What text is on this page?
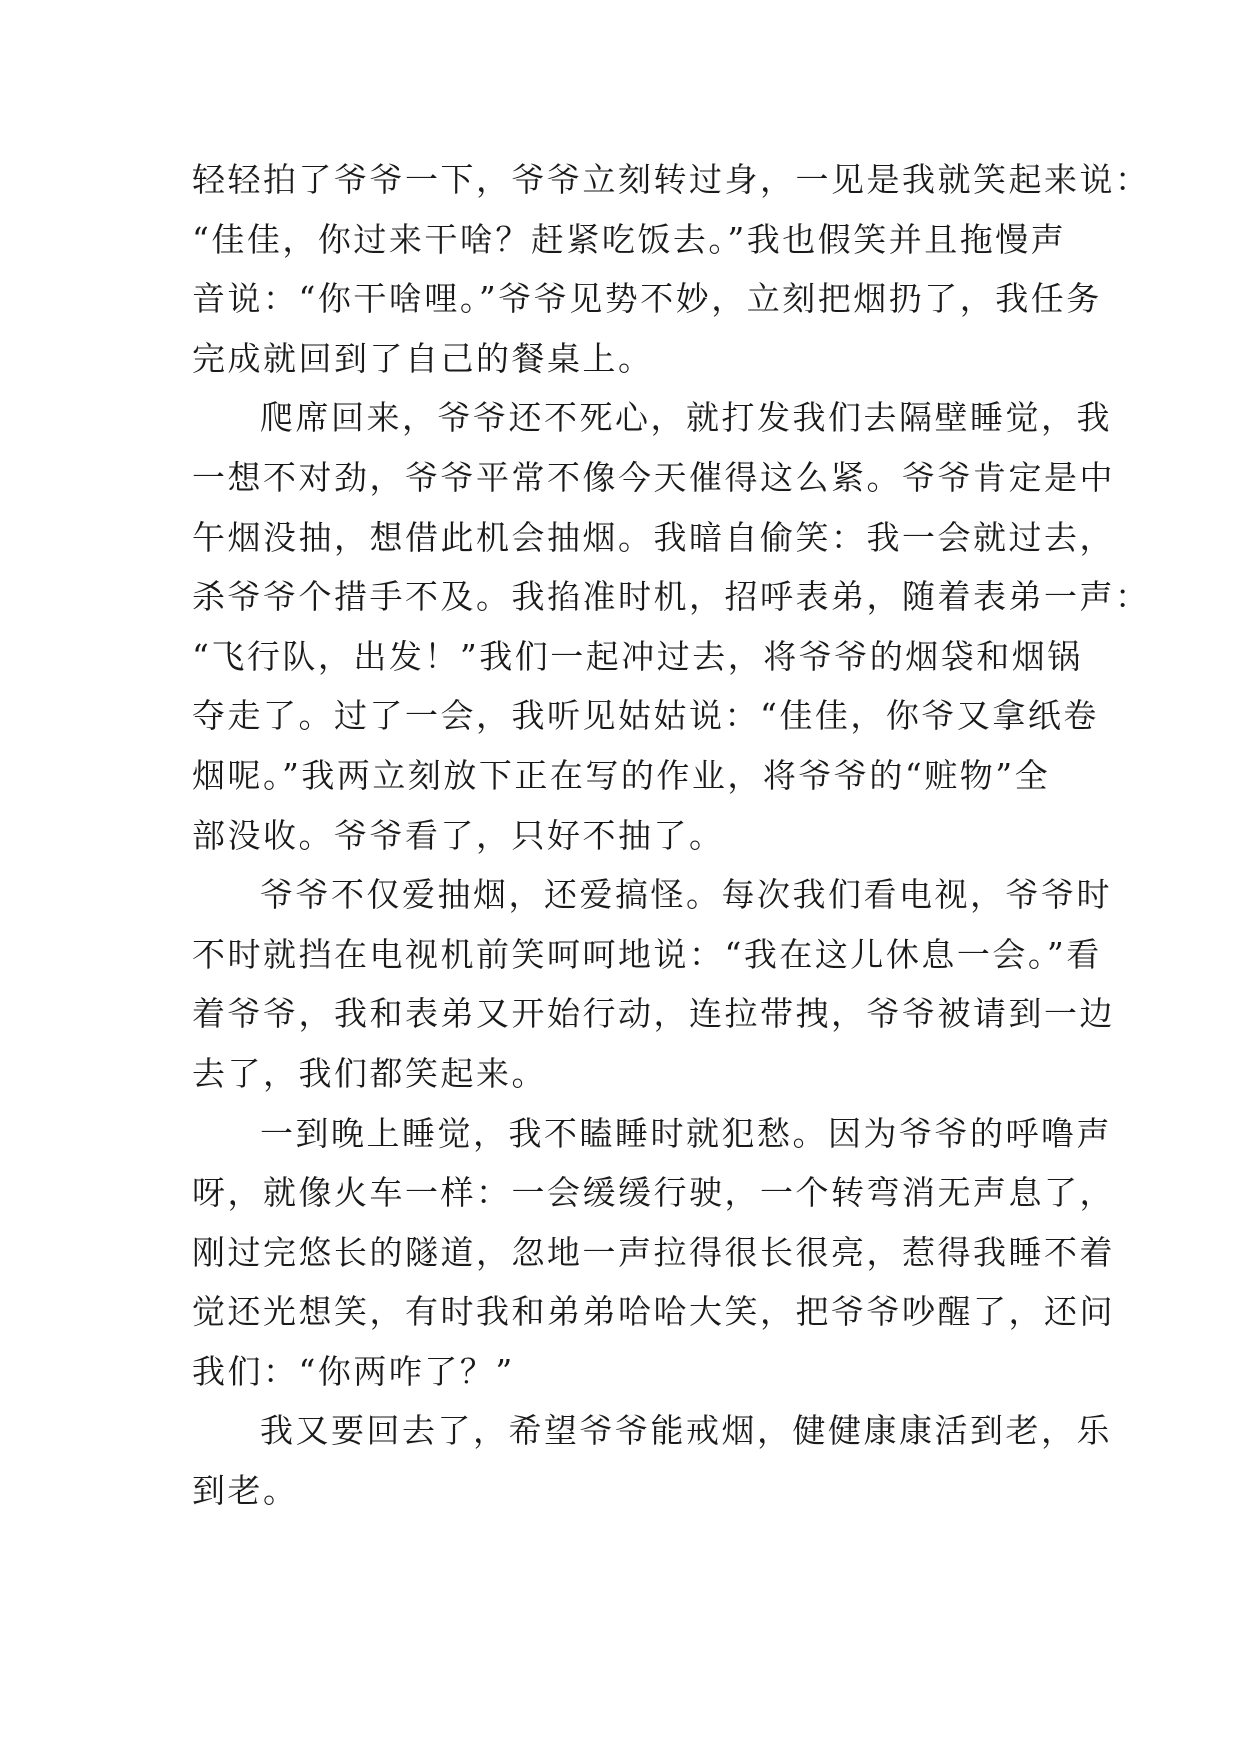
轻轻拍了爷爷一下，爷爷立刻转过身，一见是我就笑起来说：
“佳佳，你过来干啥？赶紧吃饭去。”我也假笑并且拖慢声
音说：“你干啥哩。”爷爷见势不妙，立刻把烟扔了，我任务
完成就回到了自己的餐桌上。
爬席回来，爷爷还不死心，就打发我们去隔壁睡觉，我
一想不对劲，爷爷平常不像今天催得这么紧。爷爷肯定是中
午烟没抽，想借此机会抽烟。我暗自偷笑：我一会就过去，
杀爷爷个措手不及。我掐准时机，招呼表弟，随着表弟一声：
“飞行队，出发！”我们一起冲过去，将爷爷的烟袋和烟锅
夺走了。过了一会，我听见姑姑说：“佳佳，你爷又拿纸卷
烟呢。”我两立刻放下正在写的作业，将爷爷的“赃物”全
部没收。爷爷看了，只好不抽了。
爷爷不仅爱抽烟，还爱搞怪。每次我们看电视，爷爷时
不时就挡在电视机前笑呵呵地说：“我在这儿休息一会。”看
着爷爷，我和表弟又开始行动，连拉带拽，爷爷被请到一边
去了，我们都笑起来。
一到晚上睡觉，我不瞌睡时就犯愁。因为爷爷的呼噜声
呀，就像火车一样：一会缓缓行驶，一个转弯消无声息了，
刚过完悠长的隧道，忽地一声拉得很长很亮，惹得我睡不着
觉还光想笑，有时我和弟弟哈哈大笑，把爷爷吵醒了，还问
我们：“你两咋了？”
我又要回去了，希望爷爷能戒烟，健健康康活到老，乐
到老。
